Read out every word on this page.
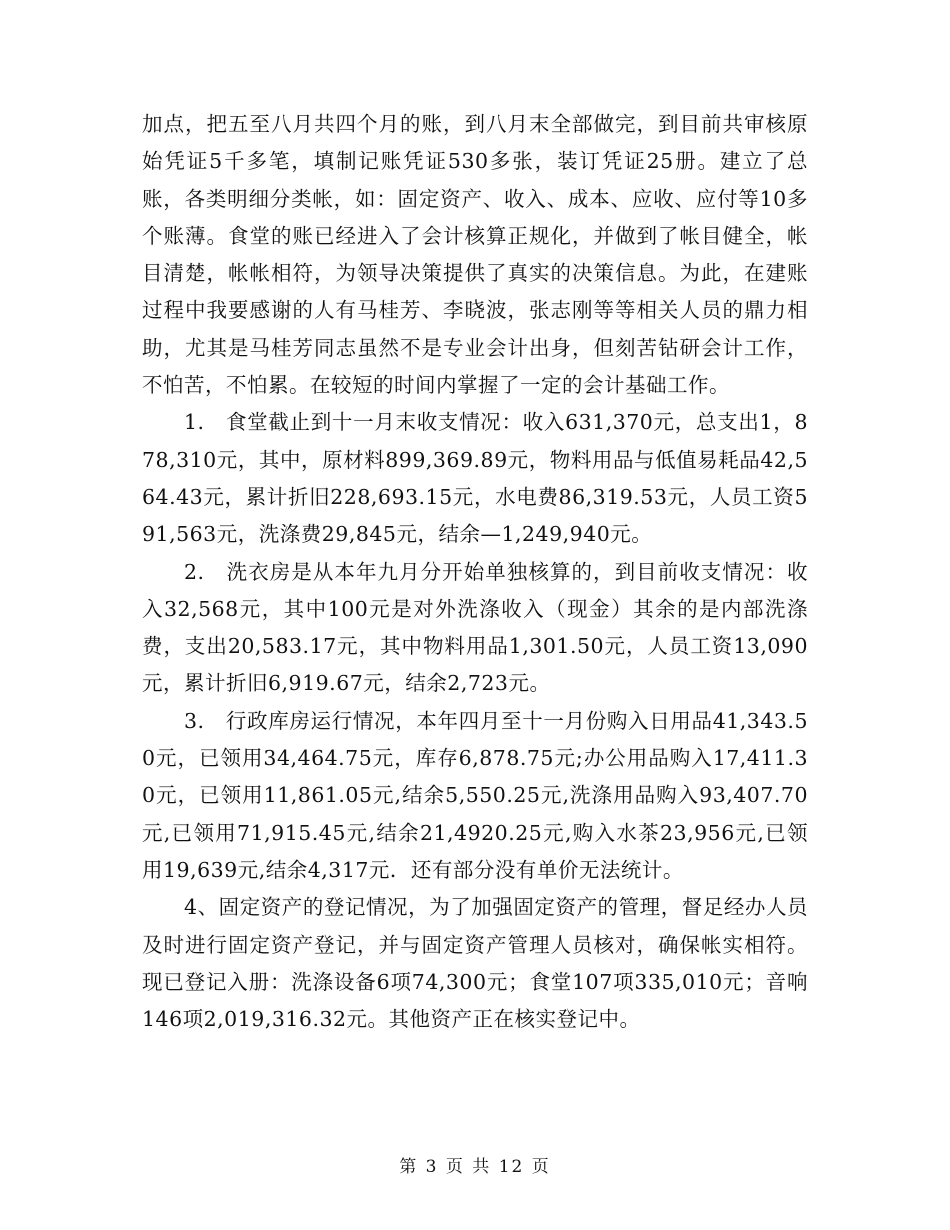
加点，把五至八月共四个月的账，到八月末全部做完，到目前共审核原始凭证5千多笔，填制记账凭证530多张，装订凭证25册。建立了总账，各类明细分类帐，如：固定资产、收入、成本、应收、应付等10多个账薄。食堂的账已经进入了会计核算正规化，并做到了帐目健全，帐目清楚，帐帐相符，为领导决策提供了真实的决策信息。为此，在建账过程中我要感谢的人有马桂芳、李晓波，张志刚等等相关人员的鼎力相助，尤其是马桂芳同志虽然不是专业会计出身，但刻苦钻研会计工作，不怕苦，不怕累。在较短的时间内掌握了一定的会计基础工作。

1.　食堂截止到十一月末收支情况：收入631,370元，总支出1，878,310元，其中，原材料899,369.89元，物料用品与低值易耗品42,564.43元，累计折旧228,693.15元，水电费86,319.53元，人员工资591,563元，洗涤费29,845元，结余—1,249,940元。

2.　洗衣房是从本年九月分开始单独核算的，到目前收支情况：收入32,568元，其中100元是对外洗涤收入（现金）其余的是内部洗涤费，支出20,583.17元，其中物料用品1,301.50元，人员工资13,090元，累计折旧6,919.67元，结余2,723元。

3.　行政库房运行情况，本年四月至十一月份购入日用品41,343.50元，已领用34,464.75元，库存6,878.75元;办公用品购入17,411.30元，已领用11,861.05元,结余5,550.25元,洗涤用品购入93,407.70元,已领用71,915.45元,结余21,4920.25元,购入水茶23,956元,已领用19,639元,结余4,317元．还有部分没有单价无法统计。

4、固定资产的登记情况，为了加强固定资产的管理，督足经办人员及时进行固定资产登记，并与固定资产管理人员核对，确保帐实相符。现已登记入册：洗涤设备6项74,300元；食堂107项335,010元；音响146项2,019,316.32元。其他资产正在核实登记中。

第 3 页 共 12 页
